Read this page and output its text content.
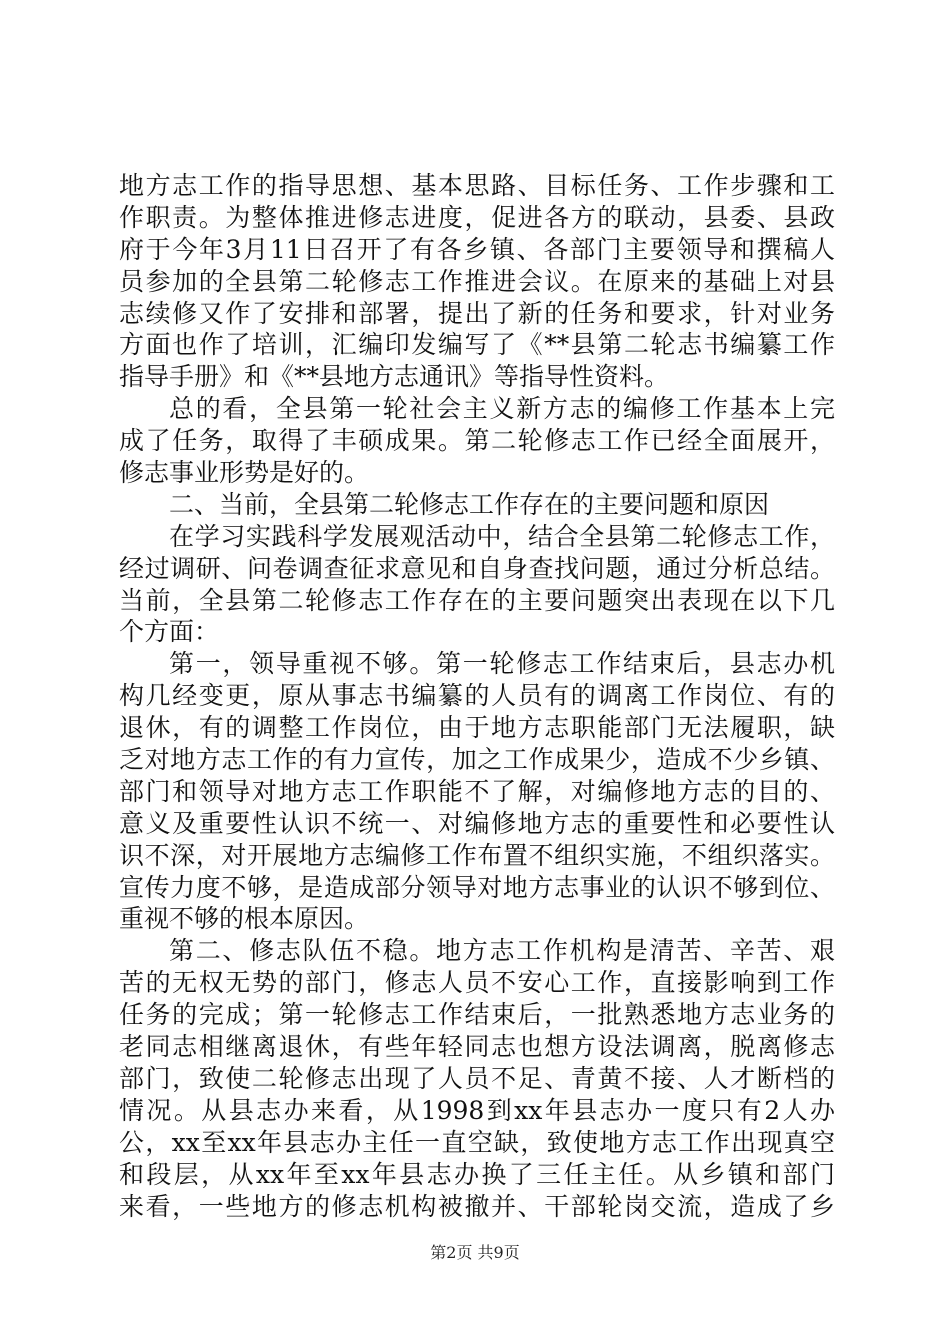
地方志工作的指导思想、基本思路、目标任务、工作步骤和工
作职责。为整体推进修志进度，促进各方的联动，县委、县政
府于今年3月11日召开了有各乡镇、各部门主要领导和撰稿人
员参加的全县第二轮修志工作推进会议。在原来的基础上对县
志续修又作了安排和部署，提出了新的任务和要求，针对业务
方面也作了培训，汇编印发编写了《**县第二轮志书编纂工作
指导手册》和《**县地方志通讯》等指导性资料。
总的看，全县第一轮社会主义新方志的编修工作基本上完
成了任务，取得了丰硕成果。第二轮修志工作已经全面展开，
修志事业形势是好的。
二、当前，全县第二轮修志工作存在的主要问题和原因
在学习实践科学发展观活动中，结合全县第二轮修志工作，
经过调研、问卷调查征求意见和自身查找问题，通过分析总结。
当前，全县第二轮修志工作存在的主要问题突出表现在以下几
个方面：
第一，领导重视不够。第一轮修志工作结束后，县志办机
构几经变更，原从事志书编纂的人员有的调离工作岗位、有的
退休，有的调整工作岗位，由于地方志职能部门无法履职，缺
乏对地方志工作的有力宣传，加之工作成果少，造成不少乡镇、
部门和领导对地方志工作职能不了解，对编修地方志的目的、
意义及重要性认识不统一、对编修地方志的重要性和必要性认
识不深，对开展地方志编修工作布置不组织实施，不组织落实。
宣传力度不够，是造成部分领导对地方志事业的认识不够到位、
重视不够的根本原因。
第二、修志队伍不稳。地方志工作机构是清苦、辛苦、艰
苦的无权无势的部门，修志人员不安心工作，直接影响到工作
任务的完成；第一轮修志工作结束后，一批熟悉地方志业务的
老同志相继离退休，有些年轻同志也想方设法调离，脱离修志
部门，致使二轮修志出现了人员不足、青黄不接、人才断档的
情况。从县志办来看，从1998到xx年县志办一度只有2人办
公，xx至xx年县志办主任一直空缺，致使地方志工作出现真空
和段层，从xx年至xx年县志办换了三任主任。从乡镇和部门
来看，一些地方的修志机构被撤并、干部轮岗交流，造成了乡
第2页 共9页
